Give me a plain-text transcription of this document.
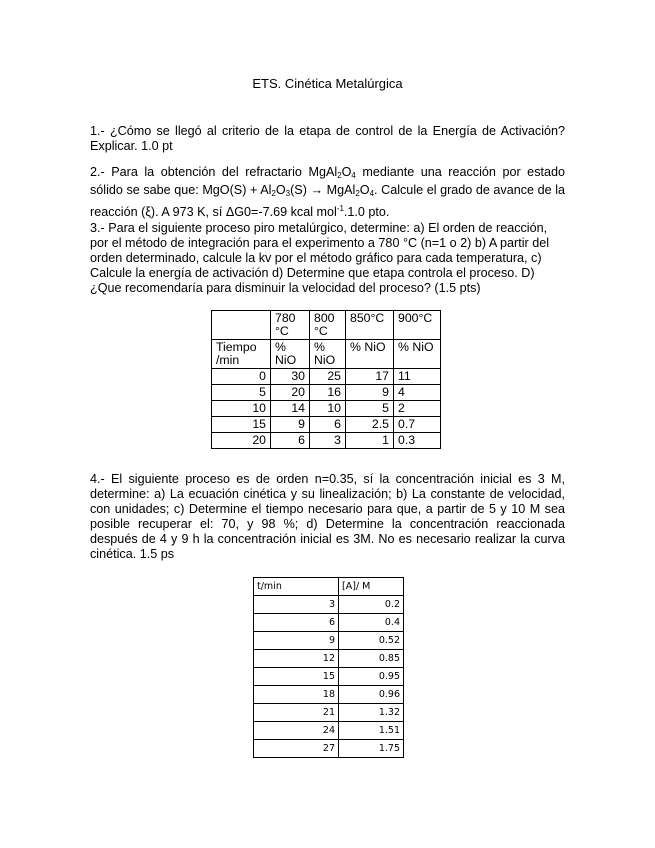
ETS. Cinética Metalúrgica

1.- ¿Cómo se llegó al criterio de la etapa de control de la Energía de Activación? Explicar. 1.0 pt

2.- Para la obtención del refractario $MgAl_2O_4$ mediante una reacción por estado sólido se sabe que: $MgO(S) + Al_2O_3(S)$ → $MgAl_2O_4$. Calcule el grado de avance de la reacción (ξ). A 973 K, sí ΔG0=-7.69 kcal mol$^{-1}$.1.0 pto.

3.- Para el siguiente proceso piro metalúrgico, determine: a) El orden de reacción, por el método de integración para el experimento a 780 °C (n=1 o 2) b) A partir del orden determinado, calcule la kv por el método gráfico para cada temperatura, c) Calcule la energía de activación d) Determine que etapa controla el proceso. D) ¿Que recomendaría para disminuir la velocidad del proceso? (1.5 pts)

	780 °C	800 °C	850°C	900°C
Tiempo /min	% NiO	% NiO	% NiO	% NiO
0	30	25	17	11
5	20	16	9	4
10	14	10	5	2
15	9	6	2.5	0.7
20	6	3	1	0.3

4.- El siguiente proceso es de orden n=0.35, sí la concentración inicial es 3 M, determine: a) La ecuación cinética y su linealización; b) La constante de velocidad, con unidades; c) Determine el tiempo necesario para que, a partir de 5 y 10 M sea posible recuperar el: 70, y 98 %; d) Determine la concentración reaccionada después de 4 y 9 h la concentración inicial es 3M. No es necesario realizar la curva cinética. 1.5 ps

t/min	[A]/ M
3	0.2
6	0.4
9	0.52
12	0.85
15	0.95
18	0.96
21	1.32
24	1.51
27	1.75
